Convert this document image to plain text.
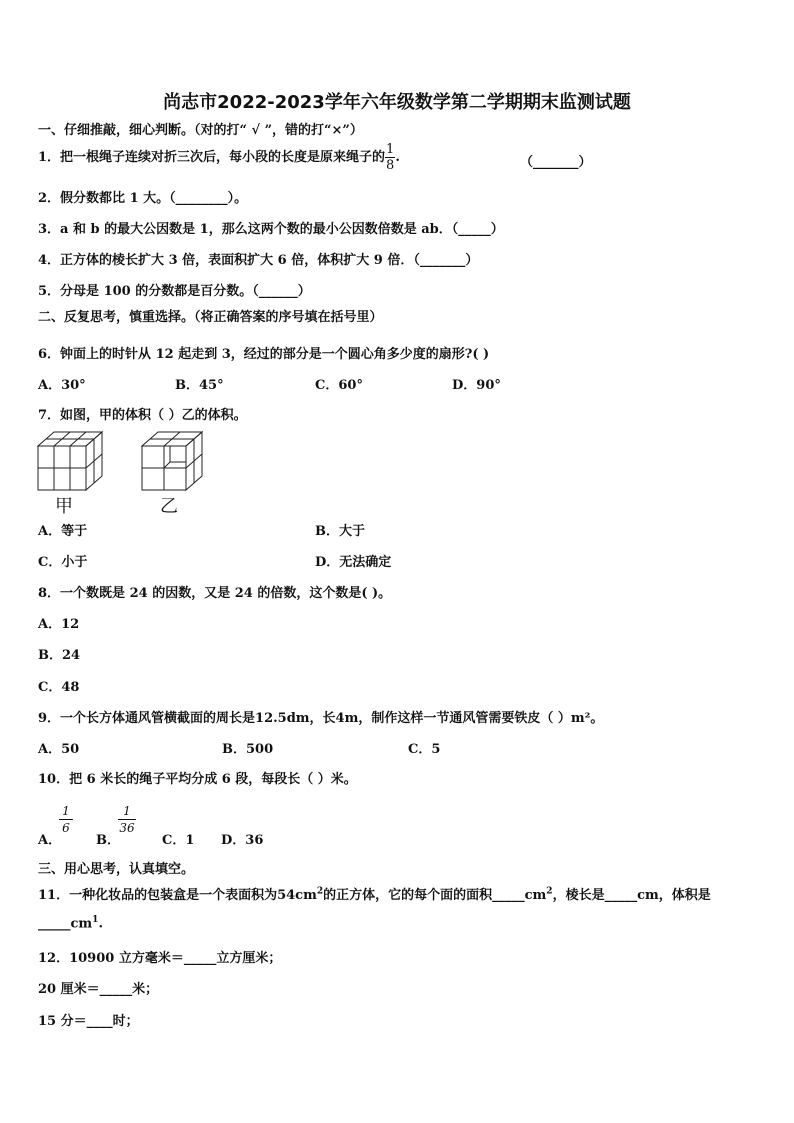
尚志市2022-2023学年六年级数学第二学期期末监测试题
一、仔细推敲，细心判断。（对的打“ √ ”，错的打“×”）
1．把一根绳子连续对折三次后，每小段的长度是原来绳子的 $\frac{1}{8}$ .	（_______）
2．假分数都比 1 大。（________）。
3．a 和 b 的最大公因数是 1，那么这两个数的最小公因数倍数是 ab．（_____）
4．正方体的棱长扩大 3 倍，表面积扩大 6 倍，体积扩大 9 倍．（_______）
5．分母是 100 的分数都是百分数。（______）
二、反复思考，慎重选择。（将正确答案的序号填在括号里）
6．钟面上的时针从 12 起走到 3，经过的部分是一个圆心角多少度的扇形?( )
A．30°	B．45°	C．60°	D．90°
7．如图，甲的体积（ ）乙的体积。
甲	乙
A．等于	B．大于
C．小于	D．无法确定
8．一个数既是 24 的因数，又是 24 的倍数，这个数是( )。
A．12
B．24
C．48
9．一个长方体通风管横截面的周长是12.5dm，长4m，制作这样一节通风管需要铁皮（ ）m²。
A．50	B．500	C．5
10．把 6 米长的绳子平均分成 6 段，每段长（ ）米。
A．
1
6
B．
1
36
C．1 D．36
三、用心思考，认真填空。
11．一种化妆品的包装盒是一个表面积为$54cm^2$的正方体，它的每个面的面积$\_\_\_\_\_cm^2$，棱长是_____cm，体积是
$\_\_\_\_\_cm^1$.
12．10900 立方毫米＝_____立方厘米；
20 厘米＝_____米；
15 分＝____时；
